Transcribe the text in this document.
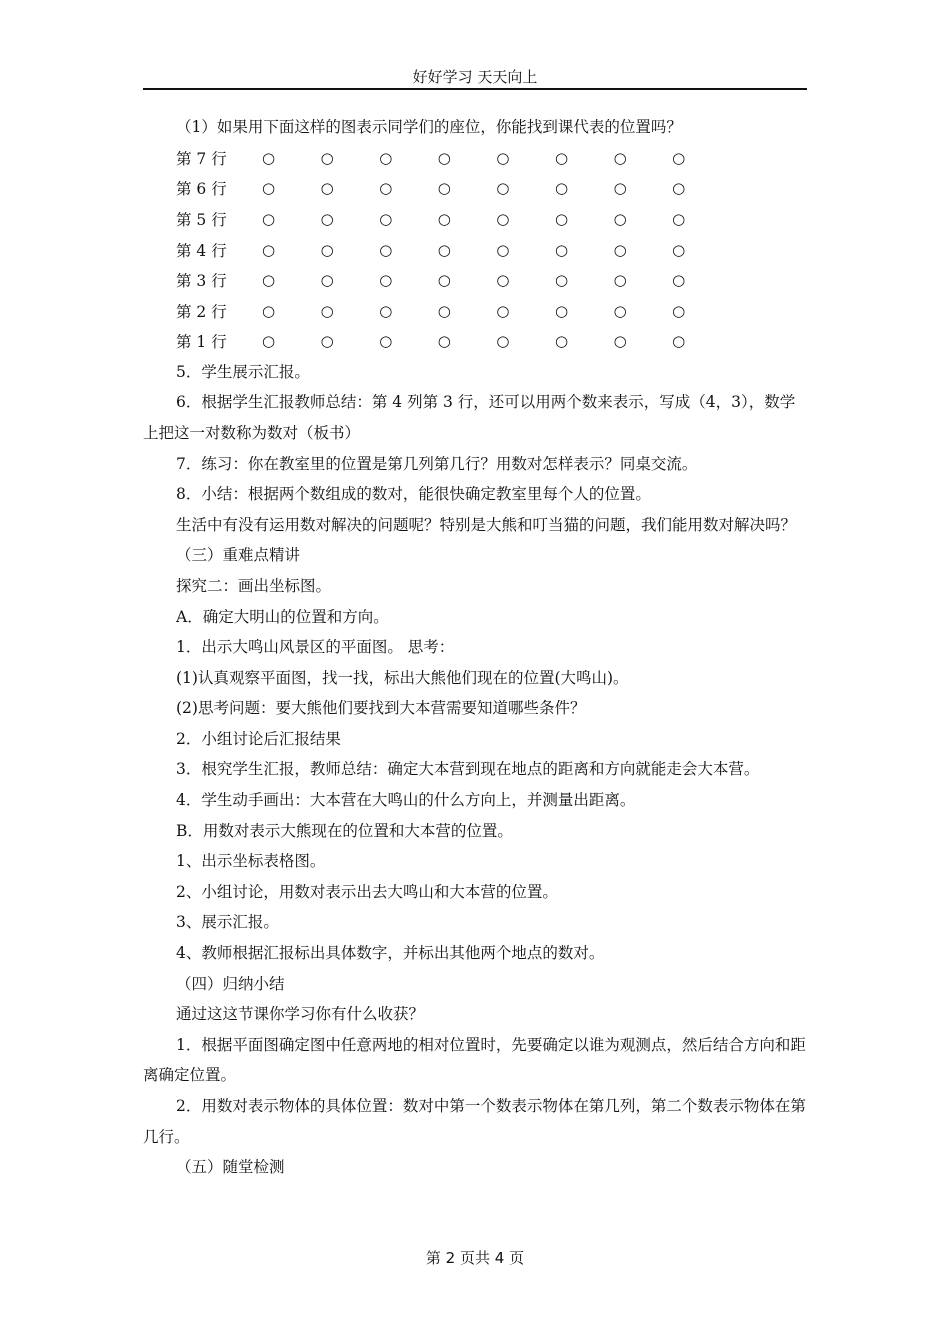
好好学习 天天向上

（1）如果用下面这样的图表示同学们的座位，你能找到课代表的位置吗？

第 7 行	○	○	○	○	○	○	○	○
第 6 行	○	○	○	○	○	○	○	○
第 5 行	○	○	○	○	○	○	○	○
第 4 行	○	○	○	○	○	○	○	○
第 3 行	○	○	○	○	○	○	○	○
第 2 行	○	○	○	○	○	○	○	○
第 1 行	○	○	○	○	○	○	○	○

5．学生展示汇报。

6．根据学生汇报教师总结：第 4 列第 3 行，还可以用两个数来表示，写成（4，3），数学上把这一对数称为数对（板书）

7．练习：你在教室里的位置是第几列第几行？用数对怎样表示？同桌交流。

8．小结：根据两个数组成的数对，能很快确定教室里每个人的位置。

生活中有没有运用数对解决的问题呢？特别是大熊和叮当猫的问题，我们能用数对解决吗？

（三）重难点精讲

探究二：画出坐标图。

A．确定大明山的位置和方向。

1．出示大鸣山风景区的平面图。 思考：

(1)认真观察平面图，找一找，标出大熊他们现在的位置(大鸣山)。

(2)思考问题：要大熊他们要找到大本营需要知道哪些条件？

2．小组讨论后汇报结果

3．根究学生汇报，教师总结：确定大本营到现在地点的距离和方向就能走会大本营。

4．学生动手画出：大本营在大鸣山的什么方向上，并测量出距离。

B．用数对表示大熊现在的位置和大本营的位置。

1、出示坐标表格图。

2、小组讨论，用数对表示出去大鸣山和大本营的位置。

3、展示汇报。

4、教师根据汇报标出具体数字，并标出其他两个地点的数对。

（四）归纳小结

通过这这节课你学习你有什么收获？

1．根据平面图确定图中任意两地的相对位置时，先要确定以谁为观测点，然后结合方向和距离确定位置。

2．用数对表示物体的具体位置：数对中第一个数表示物体在第几列，第二个数表示物体在第几行。

（五）随堂检测

第 2 页共 4 页
